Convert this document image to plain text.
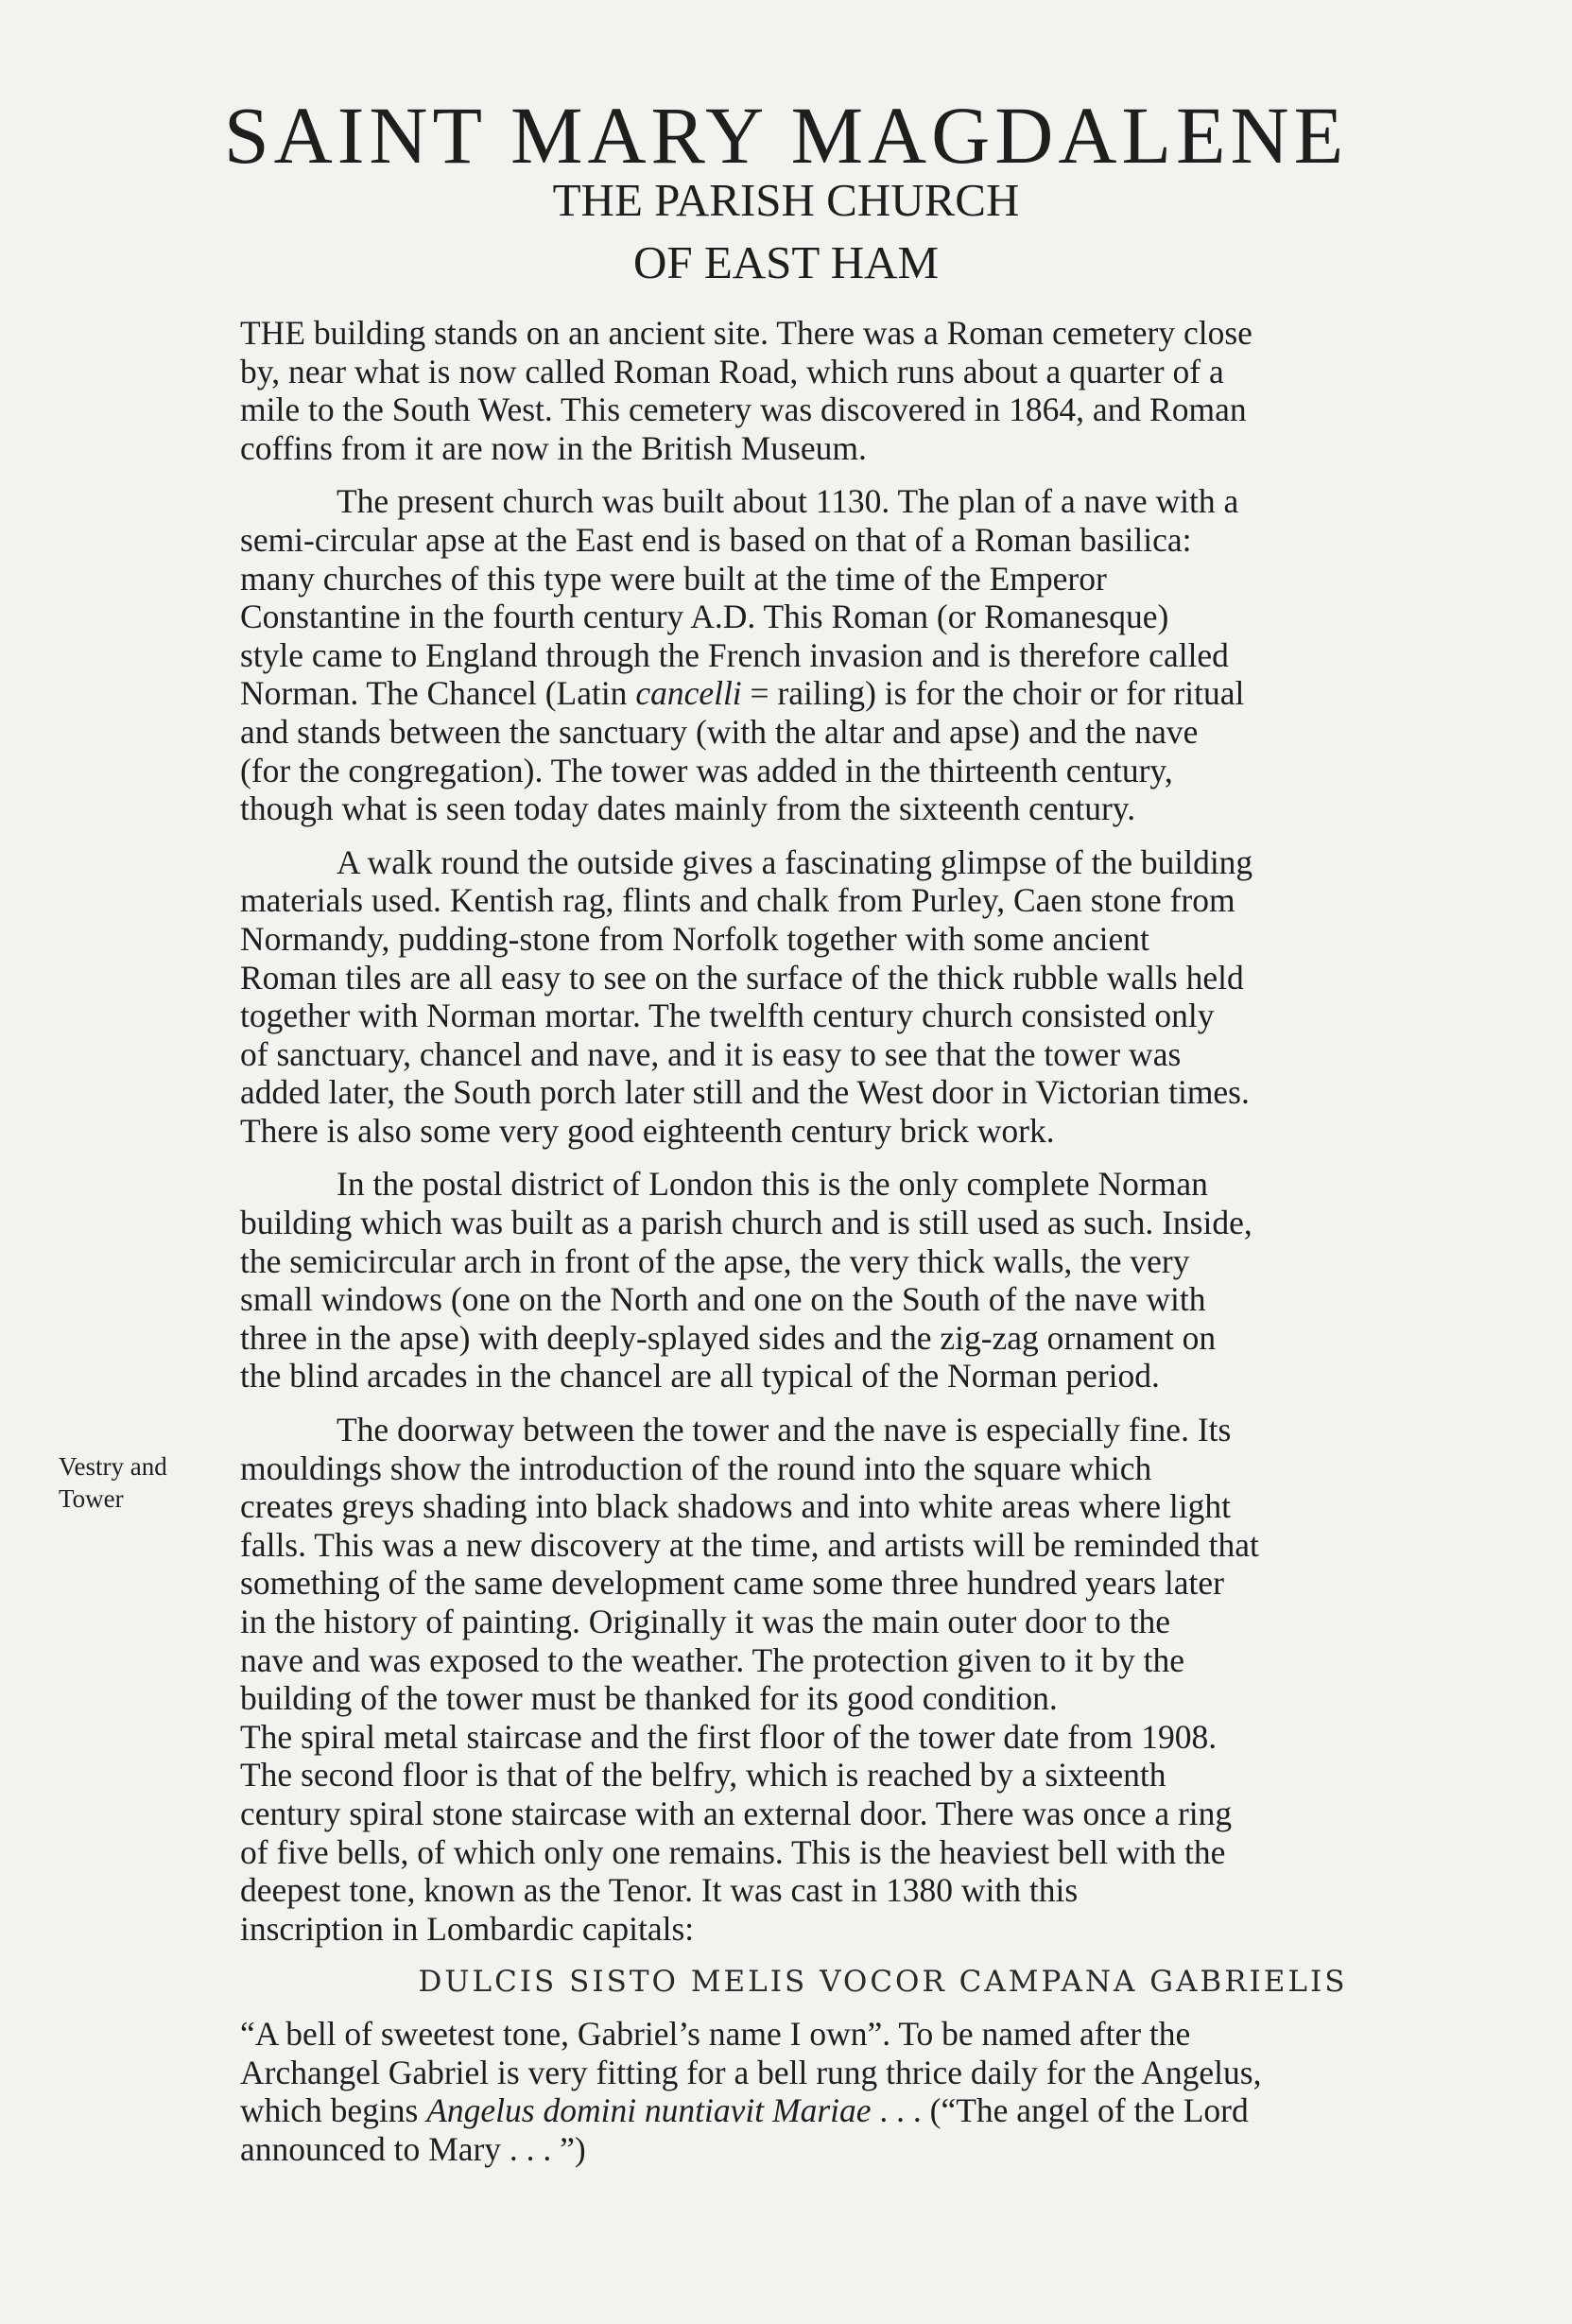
SAINT MARY MAGDALENE
THE PARISH CHURCH
OF EAST HAM
Vestry and
Tower

THE building stands on an ancient site. There was a Roman cemetery close
by, near what is now called Roman Road, which runs about a quarter of a
mile to the South West. This cemetery was discovered in 1864, and Roman
coffins from it are now in the British Museum.

The present church was built about 1130. The plan of a nave with a
semi-circular apse at the East end is based on that of a Roman basilica:
many churches of this type were built at the time of the Emperor
Constantine in the fourth century A.D. This Roman (or Romanesque)
style came to England through the French invasion and is therefore called
Norman. The Chancel (Latin cancelli = railing) is for the choir or for ritual
and stands between the sanctuary (with the altar and apse) and the nave
(for the congregation). The tower was added in the thirteenth century,
though what is seen today dates mainly from the sixteenth century.

A walk round the outside gives a fascinating glimpse of the building
materials used. Kentish rag, flints and chalk from Purley, Caen stone from
Normandy, pudding-stone from Norfolk together with some ancient
Roman tiles are all easy to see on the surface of the thick rubble walls held
together with Norman mortar. The twelfth century church consisted only
of sanctuary, chancel and nave, and it is easy to see that the tower was
added later, the South porch later still and the West door in Victorian times.
There is also some very good eighteenth century brick work.

In the postal district of London this is the only complete Norman
building which was built as a parish church and is still used as such. Inside,
the semicircular arch in front of the apse, the very thick walls, the very
small windows (one on the North and one on the South of the nave with
three in the apse) with deeply-splayed sides and the zig-zag ornament on
the blind arcades in the chancel are all typical of the Norman period.

The doorway between the tower and the nave is especially fine. Its
mouldings show the introduction of the round into the square which
creates greys shading into black shadows and into white areas where light
falls. This was a new discovery at the time, and artists will be reminded that
something of the same development came some three hundred years later
in the history of painting. Originally it was the main outer door to the
nave and was exposed to the weather. The protection given to it by the
building of the tower must be thanked for its good condition.
The spiral metal staircase and the first floor of the tower date from 1908.
The second floor is that of the belfry, which is reached by a sixteenth
century spiral stone staircase with an external door. There was once a ring
of five bells, of which only one remains. This is the heaviest bell with the
deepest tone, known as the Tenor. It was cast in 1380 with this
inscription in Lombardic capitals:

DULCIS SISTO MELIS VOCOR CAMPANA GABRIELIS

“A bell of sweetest tone, Gabriel’s name I own”. To be named after the
Archangel Gabriel is very fitting for a bell rung thrice daily for the Angelus,
which begins Angelus domini nuntiavit Mariae . . . (“The angel of the Lord
announced to Mary . . . ”)
